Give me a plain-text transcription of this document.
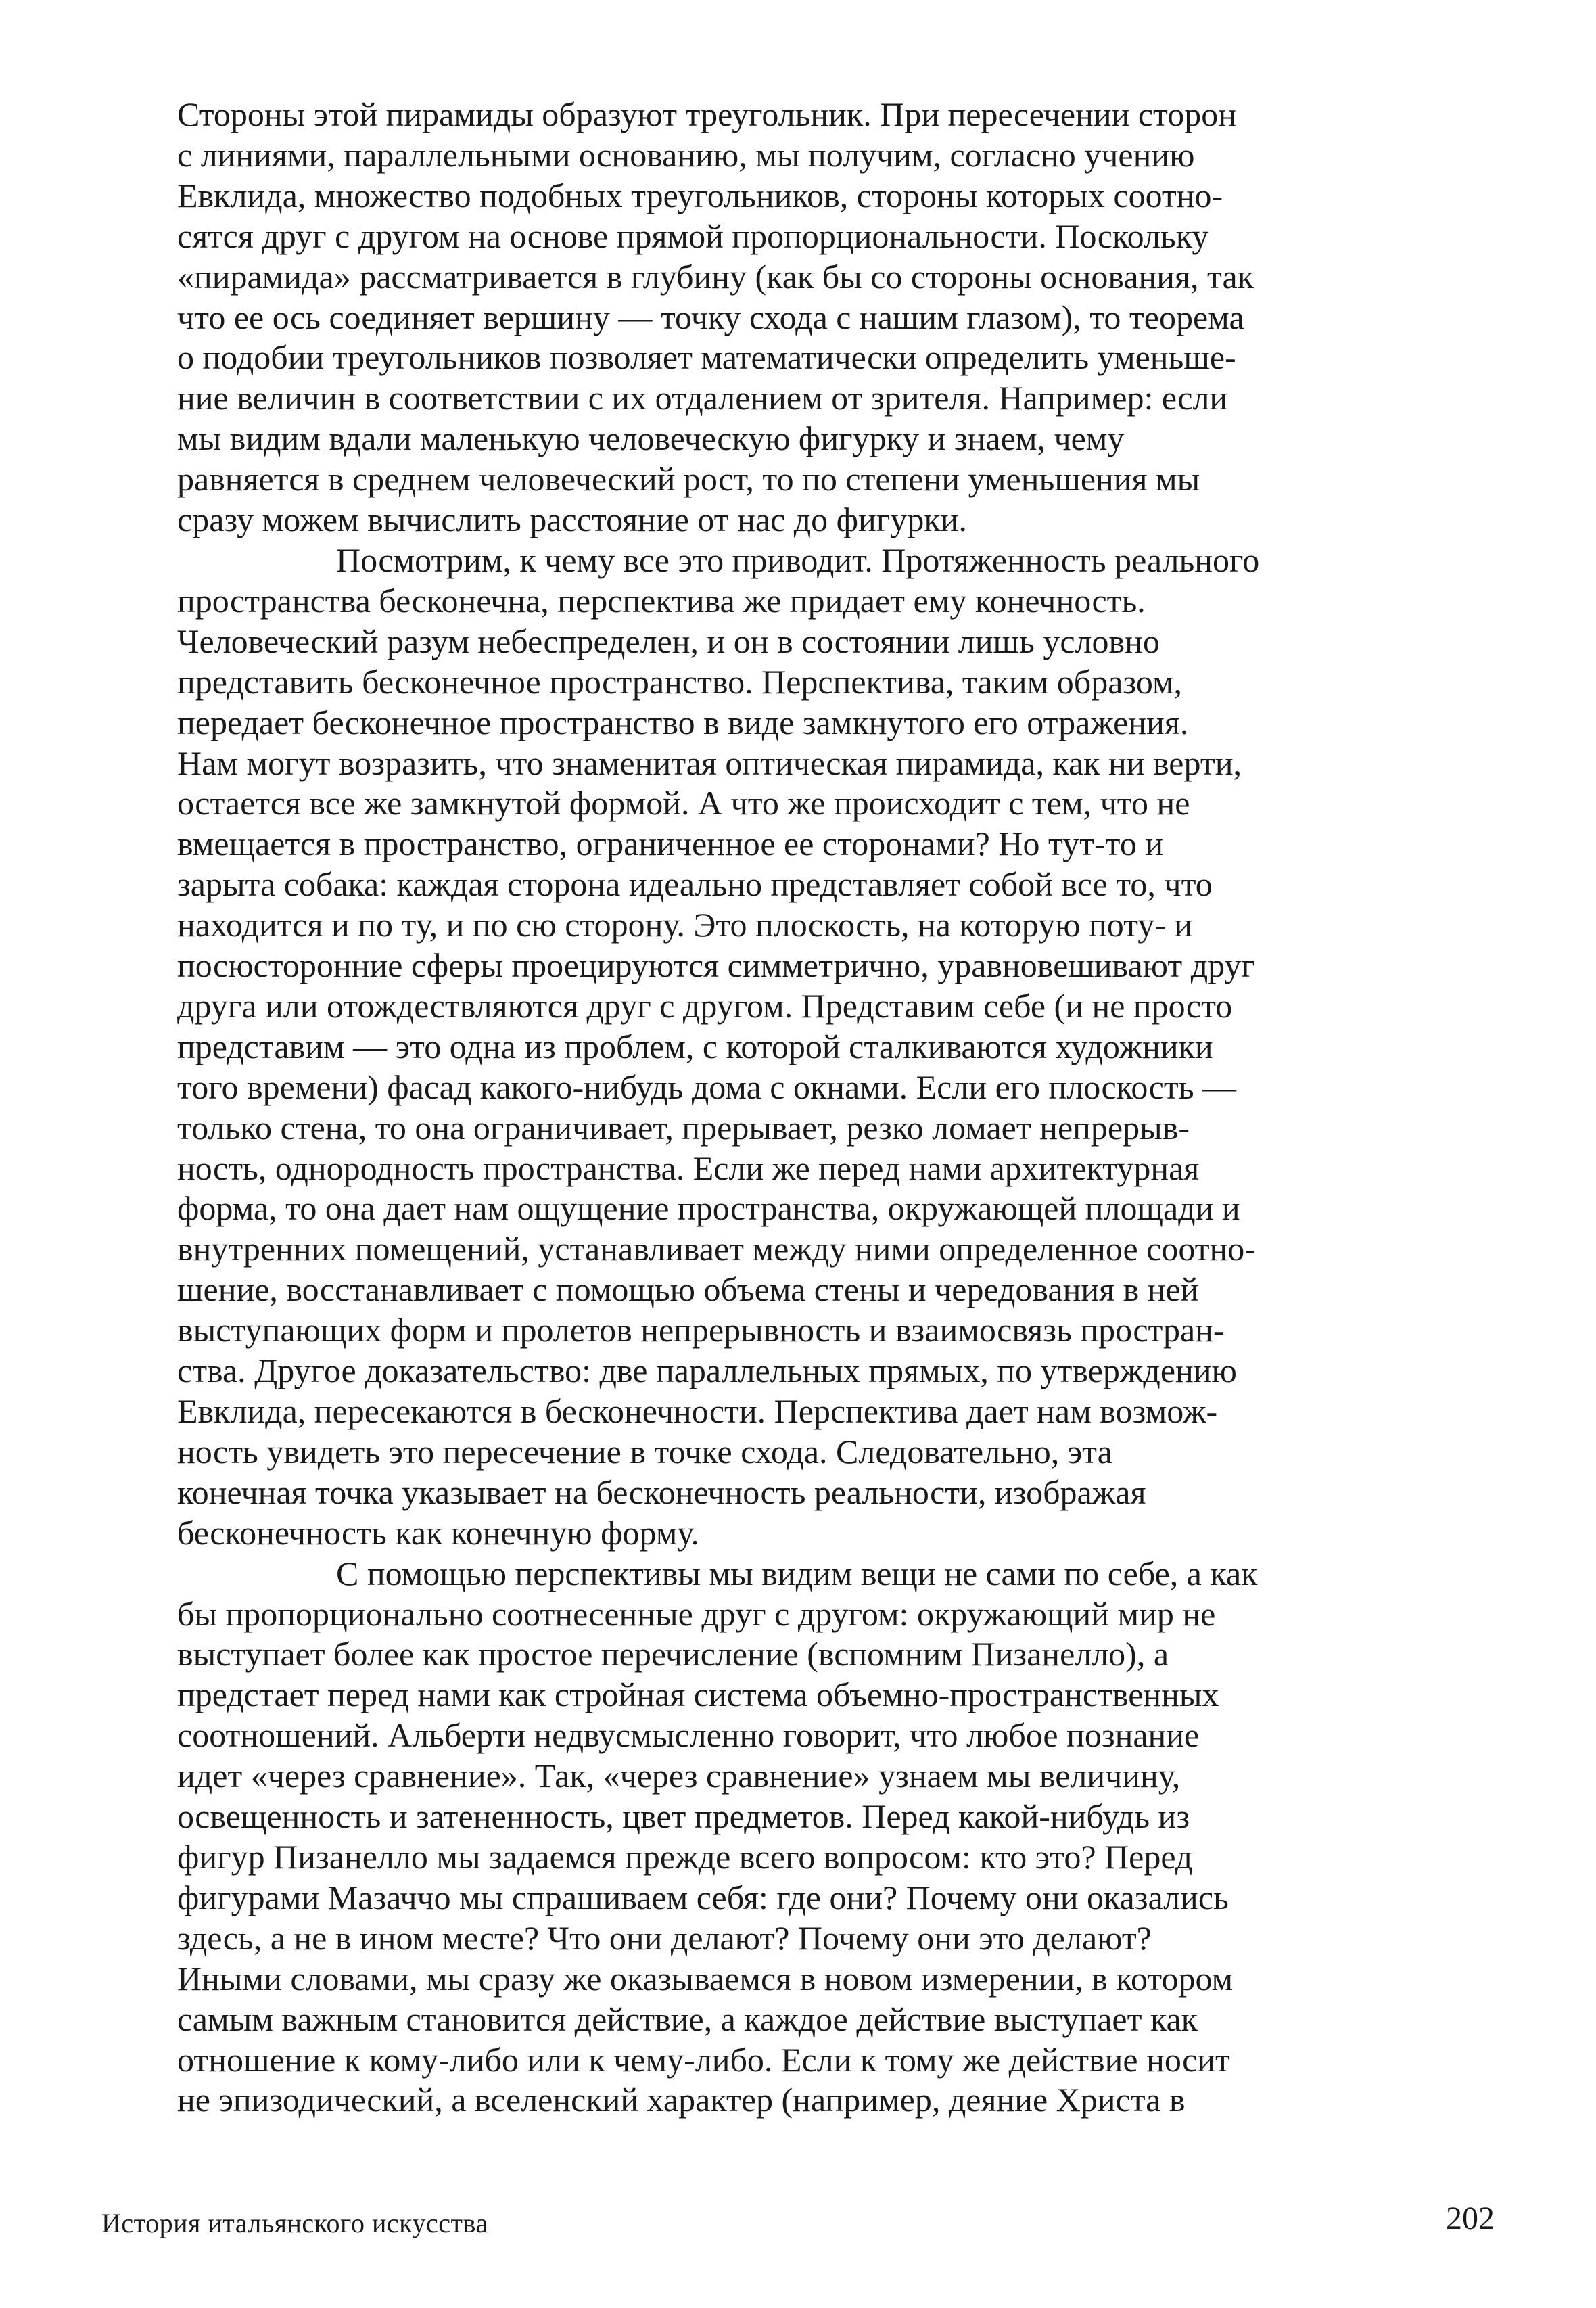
Стороны этой пирамиды образуют треугольник. При пересечении сторон
с линиями, параллельными основанию, мы получим, согласно учению
Евклида, множество подобных треугольников, стороны которых соотно-
сятся друг с другом на основе прямой пропорциональности. Поскольку
«пирамида» рассматривается в глубину (как бы со стороны основания, так
что ее ось соединяет вершину — точку схода с нашим глазом), то теорема
о подобии треугольников позволяет математически определить уменьше-
ние величин в соответствии с их отдалением от зрителя. Например: если
мы видим вдали маленькую человеческую фигурку и знаем, чему
равняется в среднем человеческий рост, то по степени уменьшения мы
сразу можем вычислить расстояние от нас до фигурки.
Посмотрим, к чему все это приводит. Протяженность реального
пространства бесконечна, перспектива же придает ему конечность.
Человеческий разум небеспределен, и он в состоянии лишь условно
представить бесконечное пространство. Перспектива, таким образом,
передает бесконечное пространство в виде замкнутого его отражения.
Нам могут возразить, что знаменитая оптическая пирамида, как ни верти,
остается все же замкнутой формой. А что же происходит с тем, что не
вмещается в пространство, ограниченное ее сторонами? Но тут-то и
зарыта собака: каждая сторона идеально представляет собой все то, что
находится и по ту, и по сю сторону. Это плоскость, на которую поту- и
посюсторонние сферы проецируются симметрично, уравновешивают друг
друга или отождествляются друг с другом. Представим себе (и не просто
представим — это одна из проблем, с которой сталкиваются художники
того времени) фасад какого-нибудь дома с окнами. Если его плоскость —
только стена, то она ограничивает, прерывает, резко ломает непрерыв-
ность, однородность пространства. Если же перед нами архитектурная
форма, то она дает нам ощущение пространства, окружающей площади и
внутренних помещений, устанавливает между ними определенное соотно-
шение, восстанавливает с помощью объема стены и чередования в ней
выступающих форм и пролетов непрерывность и взаимосвязь простран-
ства. Другое доказательство: две параллельных прямых, по утверждению
Евклида, пересекаются в бесконечности. Перспектива дает нам возмож-
ность увидеть это пересечение в точке схода. Следовательно, эта
конечная точка указывает на бесконечность реальности, изображая
бесконечность как конечную форму.
С помощью перспективы мы видим вещи не сами по себе, а как
бы пропорционально соотнесенные друг с другом: окружающий мир не
выступает более как простое перечисление (вспомним Пизанелло), а
предстает перед нами как стройная система объемно-пространственных
соотношений. Альберти недвусмысленно говорит, что любое познание
идет «через сравнение». Так, «через сравнение» узнаем мы величину,
освещенность и затененность, цвет предметов. Перед какой-нибудь из
фигур Пизанелло мы задаемся прежде всего вопросом: кто это? Перед
фигурами Мазаччо мы спрашиваем себя: где они? Почему они оказались
здесь, а не в ином месте? Что они делают? Почему они это делают?
Иными словами, мы сразу же оказываемся в новом измерении, в котором
самым важным становится действие, а каждое действие выступает как
отношение к кому-либо или к чему-либо. Если к тому же действие носит
не эпизодический, а вселенский характер (например, деяние Христа в
История итальянского искусства	202
